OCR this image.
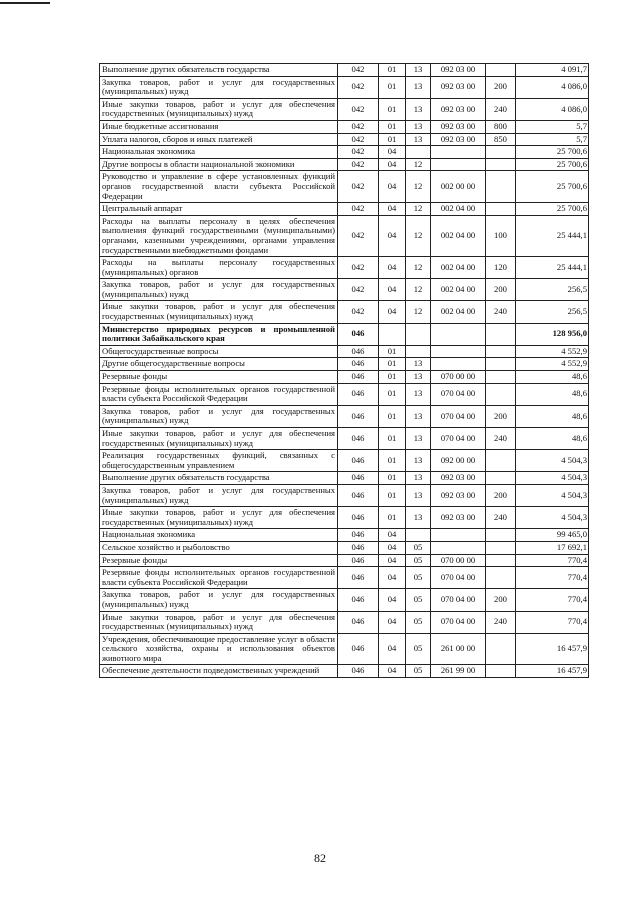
Выполнение других обязательств государства	042	01	13	092 03 00		4 091,7
Закупка товаров, работ и услуг для государственных (муниципальных) нужд	042	01	13	092 03 00	200	4 086,0
Иные закупки товаров, работ и услуг для обеспечения государственных (муниципальных) нужд	042	01	13	092 03 00	240	4 086,0
Иные бюджетные ассигнования	042	01	13	092 03 00	800	5,7
Уплата налогов, сборов и иных платежей	042	01	13	092 03 00	850	5,7
Национальная экономика	042	04				25 700,6
Другие вопросы в области национальной экономики	042	04	12			25 700,6
Руководство и управление в сфере установленных функций органов государственной власти субъекта Российской Федерации	042	04	12	002 00 00		25 700,6
Центральный аппарат	042	04	12	002 04 00		25 700,6
Расходы на выплаты персоналу в целях обеспечения выполнения функций государственными (муниципальными) органами, казенными учреждениями, органами управления государственными внебюджетными фондами	042	04	12	002 04 00	100	25 444,1
Расходы на выплаты персоналу государственных (муниципальных) органов	042	04	12	002 04 00	120	25 444,1
Закупка товаров, работ и услуг для государственных (муниципальных) нужд	042	04	12	002 04 00	200	256,5
Иные закупки товаров, работ и услуг для обеспечения государственных (муниципальных) нужд	042	04	12	002 04 00	240	256,5
Министерство природных ресурсов и промышленной политики Забайкальского края	046					128 956,0
Общегосударственные вопросы	046	01				4 552,9
Другие общегосударственные вопросы	046	01	13			4 552,9
Резервные фонды	046	01	13	070 00 00		48,6
Резервные фонды исполнительных органов государственной власти субъекта Российской Федерации	046	01	13	070 04 00		48,6
Закупка товаров, работ и услуг для государственных (муниципальных) нужд	046	01	13	070 04 00	200	48,6
Иные закупки товаров, работ и услуг для обеспечения государственных (муниципальных) нужд	046	01	13	070 04 00	240	48,6
Реализация государственных функций, связанных с общегосударственным управлением	046	01	13	092 00 00		4 504,3
Выполнение других обязательств государства	046	01	13	092 03 00		4 504,3
Закупка товаров, работ и услуг для государственных (муниципальных) нужд	046	01	13	092 03 00	200	4 504,3
Иные закупки товаров, работ и услуг для обеспечения государственных (муниципальных) нужд	046	01	13	092 03 00	240	4 504,3
Национальная экономика	046	04				99 465,0
Сельское хозяйство и рыболовство	046	04	05			17 692,1
Резервные фонды	046	04	05	070 00 00		770,4
Резервные фонды исполнительных органов государственной власти субъекта Российской Федерации	046	04	05	070 04 00		770,4
Закупка товаров, работ и услуг для государственных (муниципальных) нужд	046	04	05	070 04 00	200	770,4
Иные закупки товаров, работ и услуг для обеспечения государственных (муниципальных) нужд	046	04	05	070 04 00	240	770,4
Учреждения, обеспечивающие предоставление услуг в области сельского хозяйства, охраны и использования объектов животного мира	046	04	05	261 00 00		16 457,9
Обеспечение деятельности подведомственных учреждений	046	04	05	261 99 00		16 457,9
82
